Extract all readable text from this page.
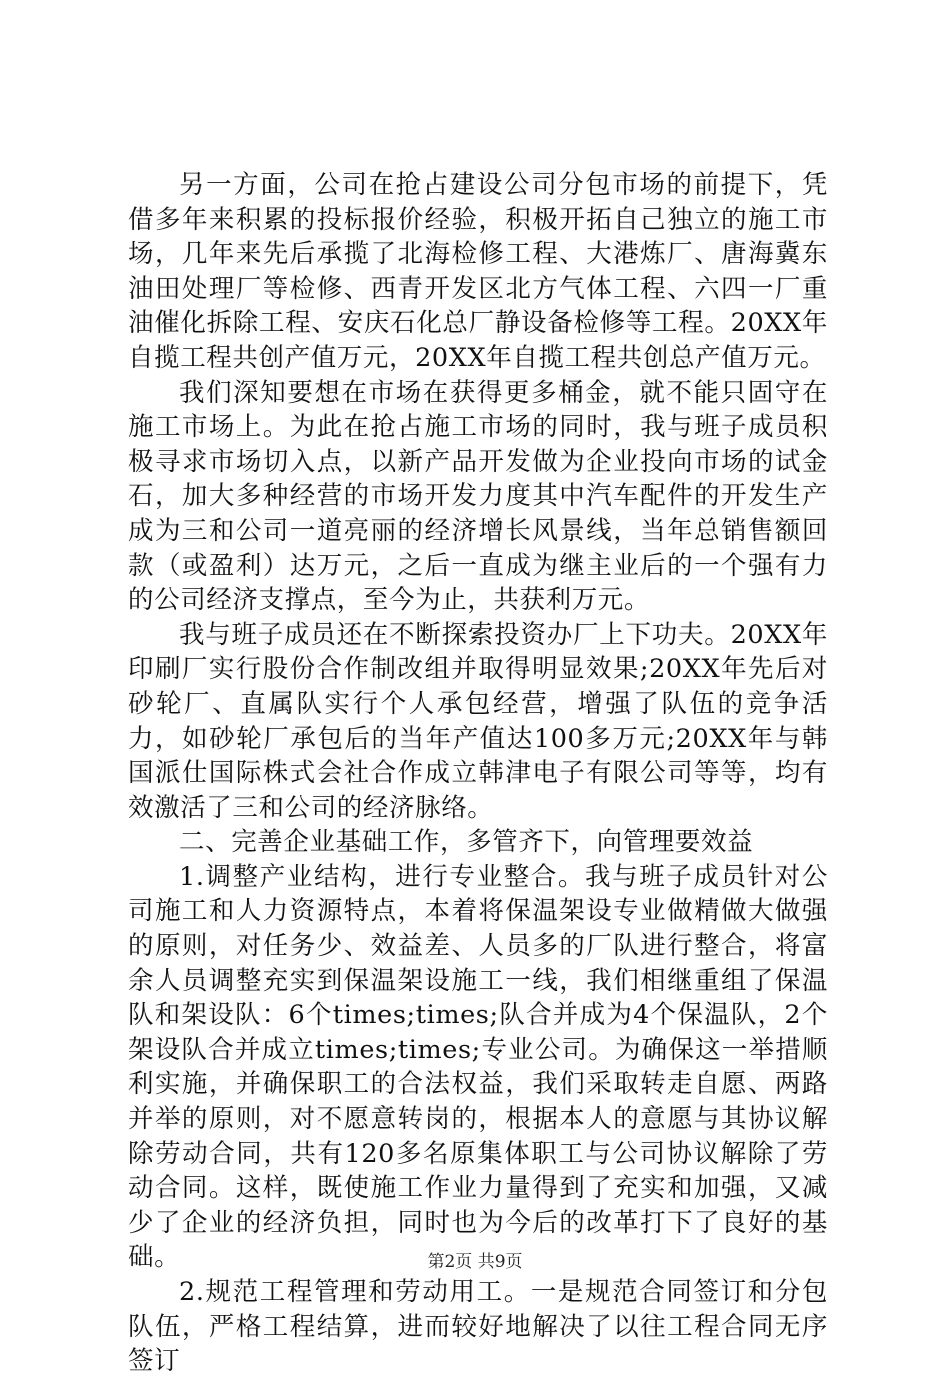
另一方面，公司在抢占建设公司分包市场的前提下，凭借多年来积累的投标报价经验，积极开拓自己独立的施工市场，几年来先后承揽了北海检修工程、大港炼厂、唐海冀东油田处理厂等检修、西青开发区北方气体工程、六四一厂重油催化拆除工程、安庆石化总厂静设备检修等工程。20XX年自揽工程共创产值万元，20XX年自揽工程共创总产值万元。

我们深知要想在市场在获得更多桶金，就不能只固守在施工市场上。为此在抢占施工市场的同时，我与班子成员积极寻求市场切入点，以新产品开发做为企业投向市场的试金石，加大多种经营的市场开发力度其中汽车配件的开发生产成为三和公司一道亮丽的经济增长风景线，当年总销售额回款（或盈利）达万元，之后一直成为继主业后的一个强有力的公司经济支撑点，至今为止，共获利万元。

我与班子成员还在不断探索投资办厂上下功夫。20XX年印刷厂实行股份合作制改组并取得明显效果;20XX年先后对砂轮厂、直属队实行个人承包经营，增强了队伍的竞争活力，如砂轮厂承包后的当年产值达100多万元;20XX年与韩国派仕国际株式会社合作成立韩津电子有限公司等等，均有效激活了三和公司的经济脉络。

二、完善企业基础工作，多管齐下，向管理要效益

1.调整产业结构，进行专业整合。我与班子成员针对公司施工和人力资源特点，本着将保温架设专业做精做大做强的原则，对任务少、效益差、人员多的厂队进行整合，将富余人员调整充实到保温架设施工一线，我们相继重组了保温队和架设队：6个times;times;队合并成为4个保温队，2个架设队合并成立times;times;专业公司。为确保这一举措顺利实施，并确保职工的合法权益，我们采取转走自愿、两路并举的原则，对不愿意转岗的，根据本人的意愿与其协议解除劳动合同，共有120多名原集体职工与公司协议解除了劳动合同。这样，既使施工作业力量得到了充实和加强，又减少了企业的经济负担，同时也为今后的改革打下了良好的基础。

2.规范工程管理和劳动用工。一是规范合同签订和分包队伍，严格工程结算，进而较好地解决了以往工程合同无序签订

第2页 共9页
